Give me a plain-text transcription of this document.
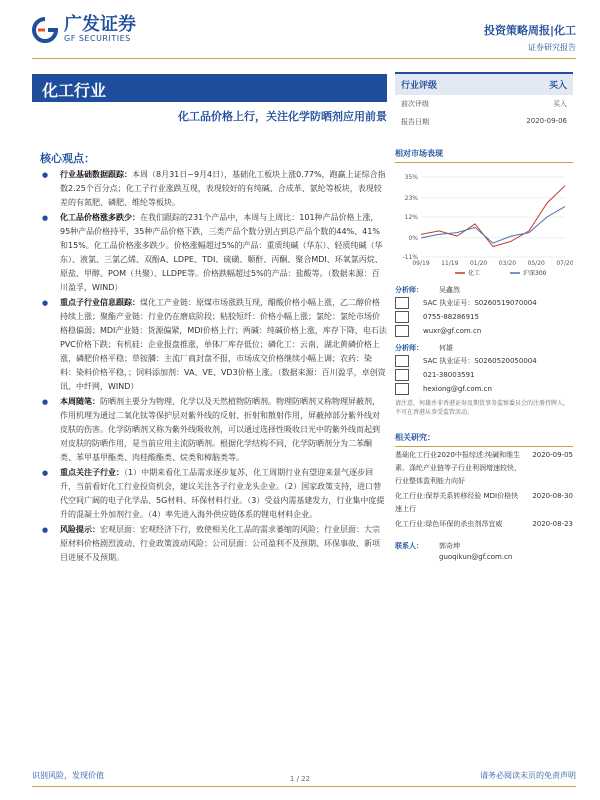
广发证券
GF SECURITIES
投资策略周报|化工
证券研究报告
化工行业
化工品价格上行，关注化学防晒剂应用前景
核心观点：
● 行业基础数据跟踪：本周（8月31日~9月4日），基础化工板块上涨0.77%，跑赢上证综合指数2.25个百分点；化工子行业涨跌互现，表现较好的有纯碱、合成革、氨纶等板块，表现较差的有氮肥、磷肥、维纶等板块。
● 化工品价格涨多跌少：在我们跟踪的231个产品中，本周与上周比：101种产品价格上涨，95种产品价格持平，35种产品价格下跌，三类产品个数分别占到总产品个数的44%、41%和15%。化工品价格涨多跌少。价格涨幅超过5%的产品：重质纯碱（华东）、轻质纯碱（华东）、液氯、三氯乙烯、双酚A、LDPE、TDI、硫磺、顺酐、丙酮、聚合MDI、环氧氯丙烷、原盐、甲醇、POM（共聚）、LLDPE等。价格跌幅超过5%的产品：盐酸等。（数据来源：百川盈孚，WIND）
● 重点子行业信息跟踪：煤化工产业链：原煤市场涨跌互现，醋酸价格小幅上涨，乙二醇价格持续上涨；聚酯产业链：行业仍在磨底阶段；粘胶短纤：价格小幅上涨；氯纶：氯纶市场价格稳偏弱；MDI产业链：货源偏紧，MDI价格上行；两碱：纯碱价格上涨，库存下降，电石法PVC价格下跌；有机硅：企业报盘推涨，单体厂库存低位；磷化工：云南、湖北黄磷价格上涨，磷肥价格平稳；草铵膦：主流厂商封盘不报，市场成交价格继续小幅上调；农药：染料：染料价格平稳，；饲料添加剂：VA、VE、VD3价格上涨。（数据来源：百川盈孚，卓创资讯、中纤网，WIND）
● 本周随笔：防晒剂主要分为物理、化学以及天然植物防晒剂。物理防晒剂又称物理屏蔽剂，作用机理为通过二氧化钛等保护层对紫外线的反射、折射和散射作用，屏蔽掉部分紫外线对皮肤的伤害。化学防晒剂又称为紫外线吸收剂，可以通过选择性吸收日光中的紫外线而起到对皮肤的防晒作用，是当前应用主流防晒剂。根据化学结构不同，化学防晒剂分为二苯酮类、苯甲基甲酯类、肉桂酸酯类、烷类和樟脑类等。
● 重点关注子行业：（1）中期来看化工品需求逐步复苏，化工周期行业有望迎来景气逐步回升，当前看好化工行业投资机会，建议关注各子行业龙头企业。（2）国家政策支持，进口替代空间广阔的电子化学品、5G材料、环保材料行业。（3）受益内需基建发力，行业集中度提升的混凝土外加剂行业。（4）率先进入海外供应链体系的锂电材料企业。
● 风险提示：宏观层面：宏观经济下行，致使相关化工品的需求萎缩的风险；行业层面：大宗原材料价格剧烈波动、行业政策波动风险；公司层面：公司盈利不及预期、环保事故、新项目进展不及预期。
行业评级	买入
前次评级	买入
报告日期	2020-09-06
相对市场表现
35%
23%
12%
0%
-11%
09/19 11/19 01/20 03/20 05/20 07/20
化工	沪深300
分析师：	吴鑫然
SAC 执业证号：S0260519070004
0755-88286915
wuxr@gf.com.cn
分析师：	何雄
SAC 执业证号：S0260520050004
021-38003591
hexiong@gf.com.cn
请注意，何雄并非香港证券及期货事务监察委员会的注册持牌人，不可在香港从事受监管活动。
相关研究：
基础化工行业2020中报综述:纯碱和维生素、涤纶产业链等子行业利润增速较快，行业整体盈利能力向好
2020-09-05
化工行业:保荐关系转移经验 MDI价格快速上行
2020-08-30
化工行业:绿色环保的杀虫剂昂宜威	2020-08-23
联系人：	郭奇坤
guoqikun@gf.com.cn
识别风险，发现价值	请务必阅读末页的免责声明
1 / 22
